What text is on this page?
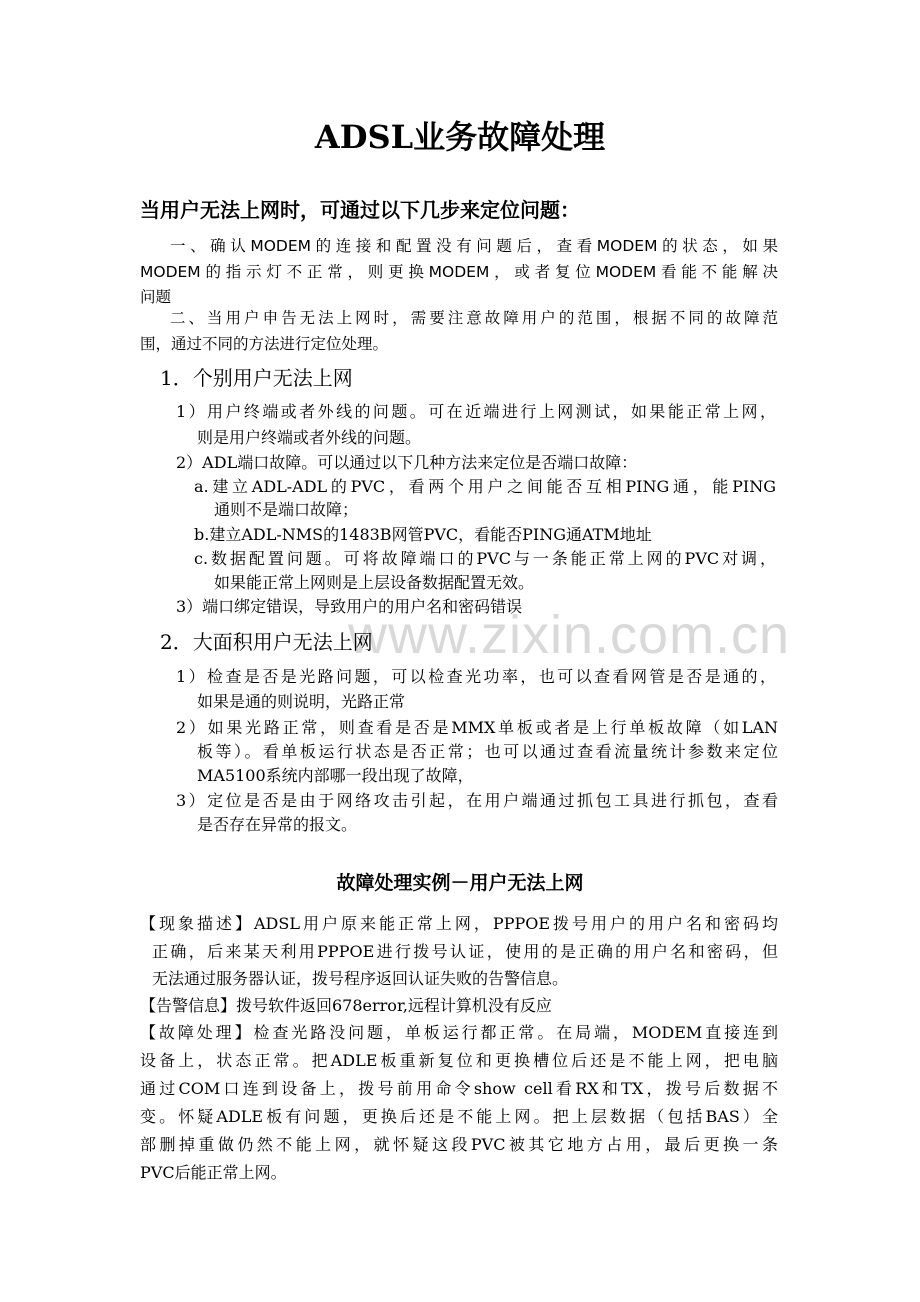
www.zixin.com.cn
ADSL业务故障处理
当用户无法上网时，可通过以下几步来定位问题：
一、确认MODEM的连接和配置没有问题后，查看MODEM的状态，如果
MODEM的指示灯不正常，则更换MODEM，或者复位MODEM看能不能解决
问题
二、当用户申告无法上网时，需要注意故障用户的范围，根据不同的故障范
围，通过不同的方法进行定位处理。
1．个别用户无法上网
1）用户终端或者外线的问题。可在近端进行上网测试，如果能正常上网，
则是用户终端或者外线的问题。
2）ADL端口故障。可以通过以下几种方法来定位是否端口故障：
a.建立ADL-ADL的PVC，看两个用户之间能否互相PING通，能PING
通则不是端口故障；
b.建立ADL-NMS的1483B网管PVC，看能否PING通ATM地址
c.数据配置问题。可将故障端口的PVC与一条能正常上网的PVC对调，
如果能正常上网则是上层设备数据配置无效。
3）端口绑定错误，导致用户的用户名和密码错误
2．大面积用户无法上网
1）检查是否是光路问题，可以检查光功率，也可以查看网管是否是通的，
如果是通的则说明，光路正常
2）如果光路正常，则查看是否是MMX单板或者是上行单板故障（如LAN
板等）。看单板运行状态是否正常；也可以通过查看流量统计参数来定位
MA5100系统内部哪一段出现了故障，
3）定位是否是由于网络攻击引起，在用户端通过抓包工具进行抓包，查看
是否存在异常的报文。
故障处理实例－用户无法上网
【现象描述】ADSL用户原来能正常上网，PPPOE拨号用户的用户名和密码均
正确，后来某天利用PPPOE进行拨号认证，使用的是正确的用户名和密码，但
无法通过服务器认证，拨号程序返回认证失败的告警信息。
【告警信息】拨号软件返回678error,远程计算机没有反应
【故障处理】检查光路没问题，单板运行都正常。在局端，MODEM直接连到
设备上，状态正常。把ADLE板重新复位和更换槽位后还是不能上网，把电脑
通过COM口连到设备上，拨号前用命令show cell看RX和TX，拨号后数据不
变。怀疑ADLE板有问题，更换后还是不能上网。把上层数据（包括BAS）全
部删掉重做仍然不能上网，就怀疑这段PVC被其它地方占用，最后更换一条
PVC后能正常上网。
